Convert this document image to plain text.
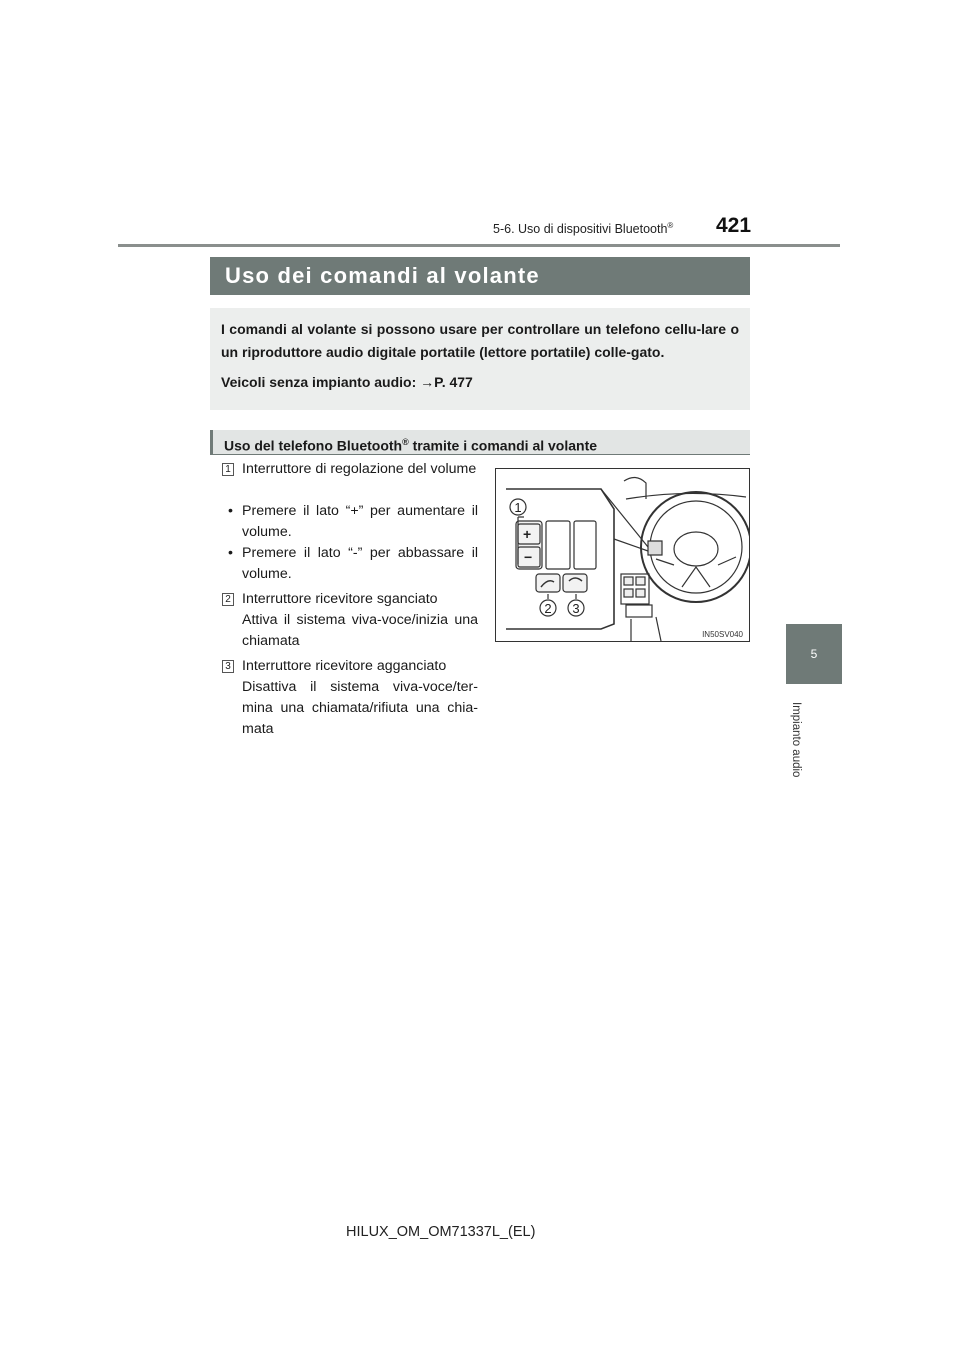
5-6. Uso di dispositivi Bluetooth® 421
5
Impianto audio
Uso dei comandi al volante

I comandi al volante si possono usare per controllare un telefono cellu-lare o un riproduttore audio digitale portatile (lettore portatile) colle-gato.

Veicoli senza impianto audio: →P. 477

Uso del telefono Bluetooth® tramite i comandi al volante
1 Interruttore di regolazione del volume
• Premere il lato “+” per aumentare il volume.
• Premere il lato “-” per abbassare il volume.
2 Interruttore ricevitore sganciato
Attiva il sistema viva-voce/inizia una chiamata
3 Interruttore ricevitore agganciato
Disattiva il sistema viva-voce/ter-mina una chiamata/rifiuta una chia-mata
+
−
1
2 3
IN50SV040
HILUX_OM_OM71337L_(EL)
